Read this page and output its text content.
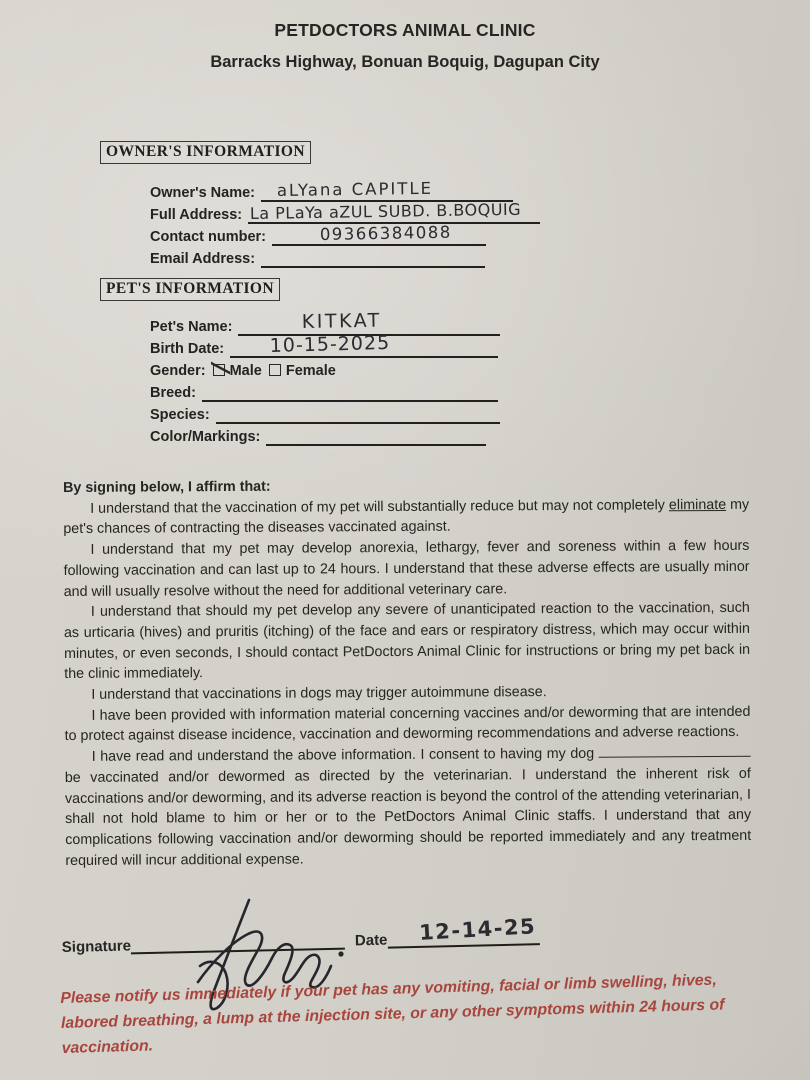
PETDOCTORS ANIMAL CLINIC
Barracks Highway, Bonuan Boquig, Dagupan City
OWNER'S INFORMATION
Owner's Name: aLYana CAPITLE
Full Address: La PLaYa aZUL SUBD. B.BOQUIG
Contact number:	09366384088
Email Address:
PET'S INFORMATION
Pet's Name:	KITKAT
Birth Date: 10-15-2025
Gender: Male Female
Breed:
Species:
Color/Markings:
By signing below, I affirm that:

I understand that the vaccination of my pet will substantially reduce but may not completely eliminate my pet's chances of contracting the diseases vaccinated against.

I understand that my pet may develop anorexia, lethargy, fever and soreness within a few hours following vaccination and can last up to 24 hours. I understand that these adverse effects are usually minor and will usually resolve without the need for additional veterinary care.

I understand that should my pet develop any severe of unanticipated reaction to the vaccination, such as urticaria (hives) and pruritis (itching) of the face and ears or respiratory distress, which may occur within minutes, or even seconds, I should contact PetDoctors Animal Clinic for instructions or bring my pet back in the clinic immediately.

I understand that vaccinations in dogs may trigger autoimmune disease.

I have been provided with information material concerning vaccines and/or deworming that are intended to protect against disease incidence, vaccination and deworming recommendations and adverse reactions.

I have read and understand the above information. I consent to having my dog be vaccinated and/or dewormed as directed by the veterinarian. I understand the inherent risk of vaccinations and/or deworming, and its adverse reaction is beyond the control of the attending veterinarian, I shall not hold blame to him or her or to the PetDoctors Animal Clinic staffs. I understand that any complications following vaccination and/or deworming should be reported immediately and any treatment required will incur additional expense.

Signature	Date 12-14-25
Please notify us immediately if your pet has any vomiting, facial or limb swelling, hives, labored breathing, a lump at the injection site, or any other symptoms within 24 hours of vaccination.
